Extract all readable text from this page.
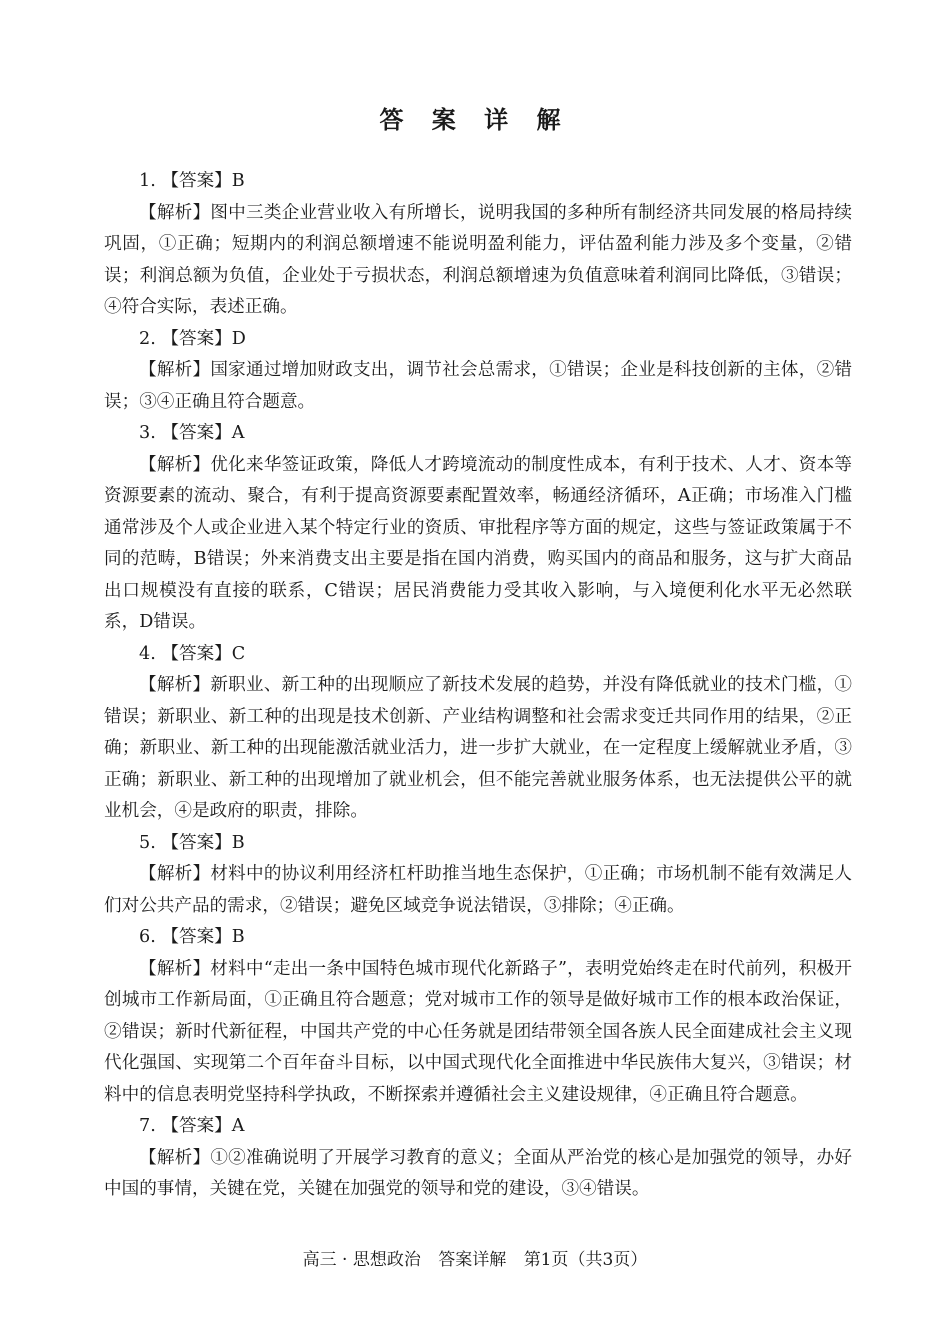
答 案 详 解

1. 【答案】B

【解析】图中三类企业营业收入有所增长，说明我国的多种所有制经济共同发展的格局持续巩固，①正确；短期内的利润总额增速不能说明盈利能力，评估盈利能力涉及多个变量，②错误；利润总额为负值，企业处于亏损状态，利润总额增速为负值意味着利润同比降低，③错误；④符合实际，表述正确。

2. 【答案】D

【解析】国家通过增加财政支出，调节社会总需求，①错误；企业是科技创新的主体，②错误；③④正确且符合题意。

3. 【答案】A

【解析】优化来华签证政策，降低人才跨境流动的制度性成本，有利于技术、人才、资本等资源要素的流动、聚合，有利于提高资源要素配置效率，畅通经济循环，A正确；市场准入门槛通常涉及个人或企业进入某个特定行业的资质、审批程序等方面的规定，这些与签证政策属于不同的范畴，B错误；外来消费支出主要是指在国内消费，购买国内的商品和服务，这与扩大商品出口规模没有直接的联系，C错误；居民消费能力受其收入影响，与入境便利化水平无必然联系，D错误。

4. 【答案】C

【解析】新职业、新工种的出现顺应了新技术发展的趋势，并没有降低就业的技术门槛，①错误；新职业、新工种的出现是技术创新、产业结构调整和社会需求变迁共同作用的结果，②正确；新职业、新工种的出现能激活就业活力，进一步扩大就业，在一定程度上缓解就业矛盾，③正确；新职业、新工种的出现增加了就业机会，但不能完善就业服务体系，也无法提供公平的就业机会，④是政府的职责，排除。

5. 【答案】B

【解析】材料中的协议利用经济杠杆助推当地生态保护，①正确；市场机制不能有效满足人们对公共产品的需求，②错误；避免区域竞争说法错误，③排除；④正确。

6. 【答案】B

【解析】材料中“走出一条中国特色城市现代化新路子”，表明党始终走在时代前列，积极开创城市工作新局面，①正确且符合题意；党对城市工作的领导是做好城市工作的根本政治保证，②错误；新时代新征程，中国共产党的中心任务就是团结带领全国各族人民全面建成社会主义现代化强国、实现第二个百年奋斗目标，以中国式现代化全面推进中华民族伟大复兴，③错误；材料中的信息表明党坚持科学执政，不断探索并遵循社会主义建设规律，④正确且符合题意。

7. 【答案】A

【解析】①②准确说明了开展学习教育的意义；全面从严治党的核心是加强党的领导，办好中国的事情，关键在党，关键在加强党的领导和党的建设，③④错误。

高三 · 思想政治 答案详解 第1页（共3页）
